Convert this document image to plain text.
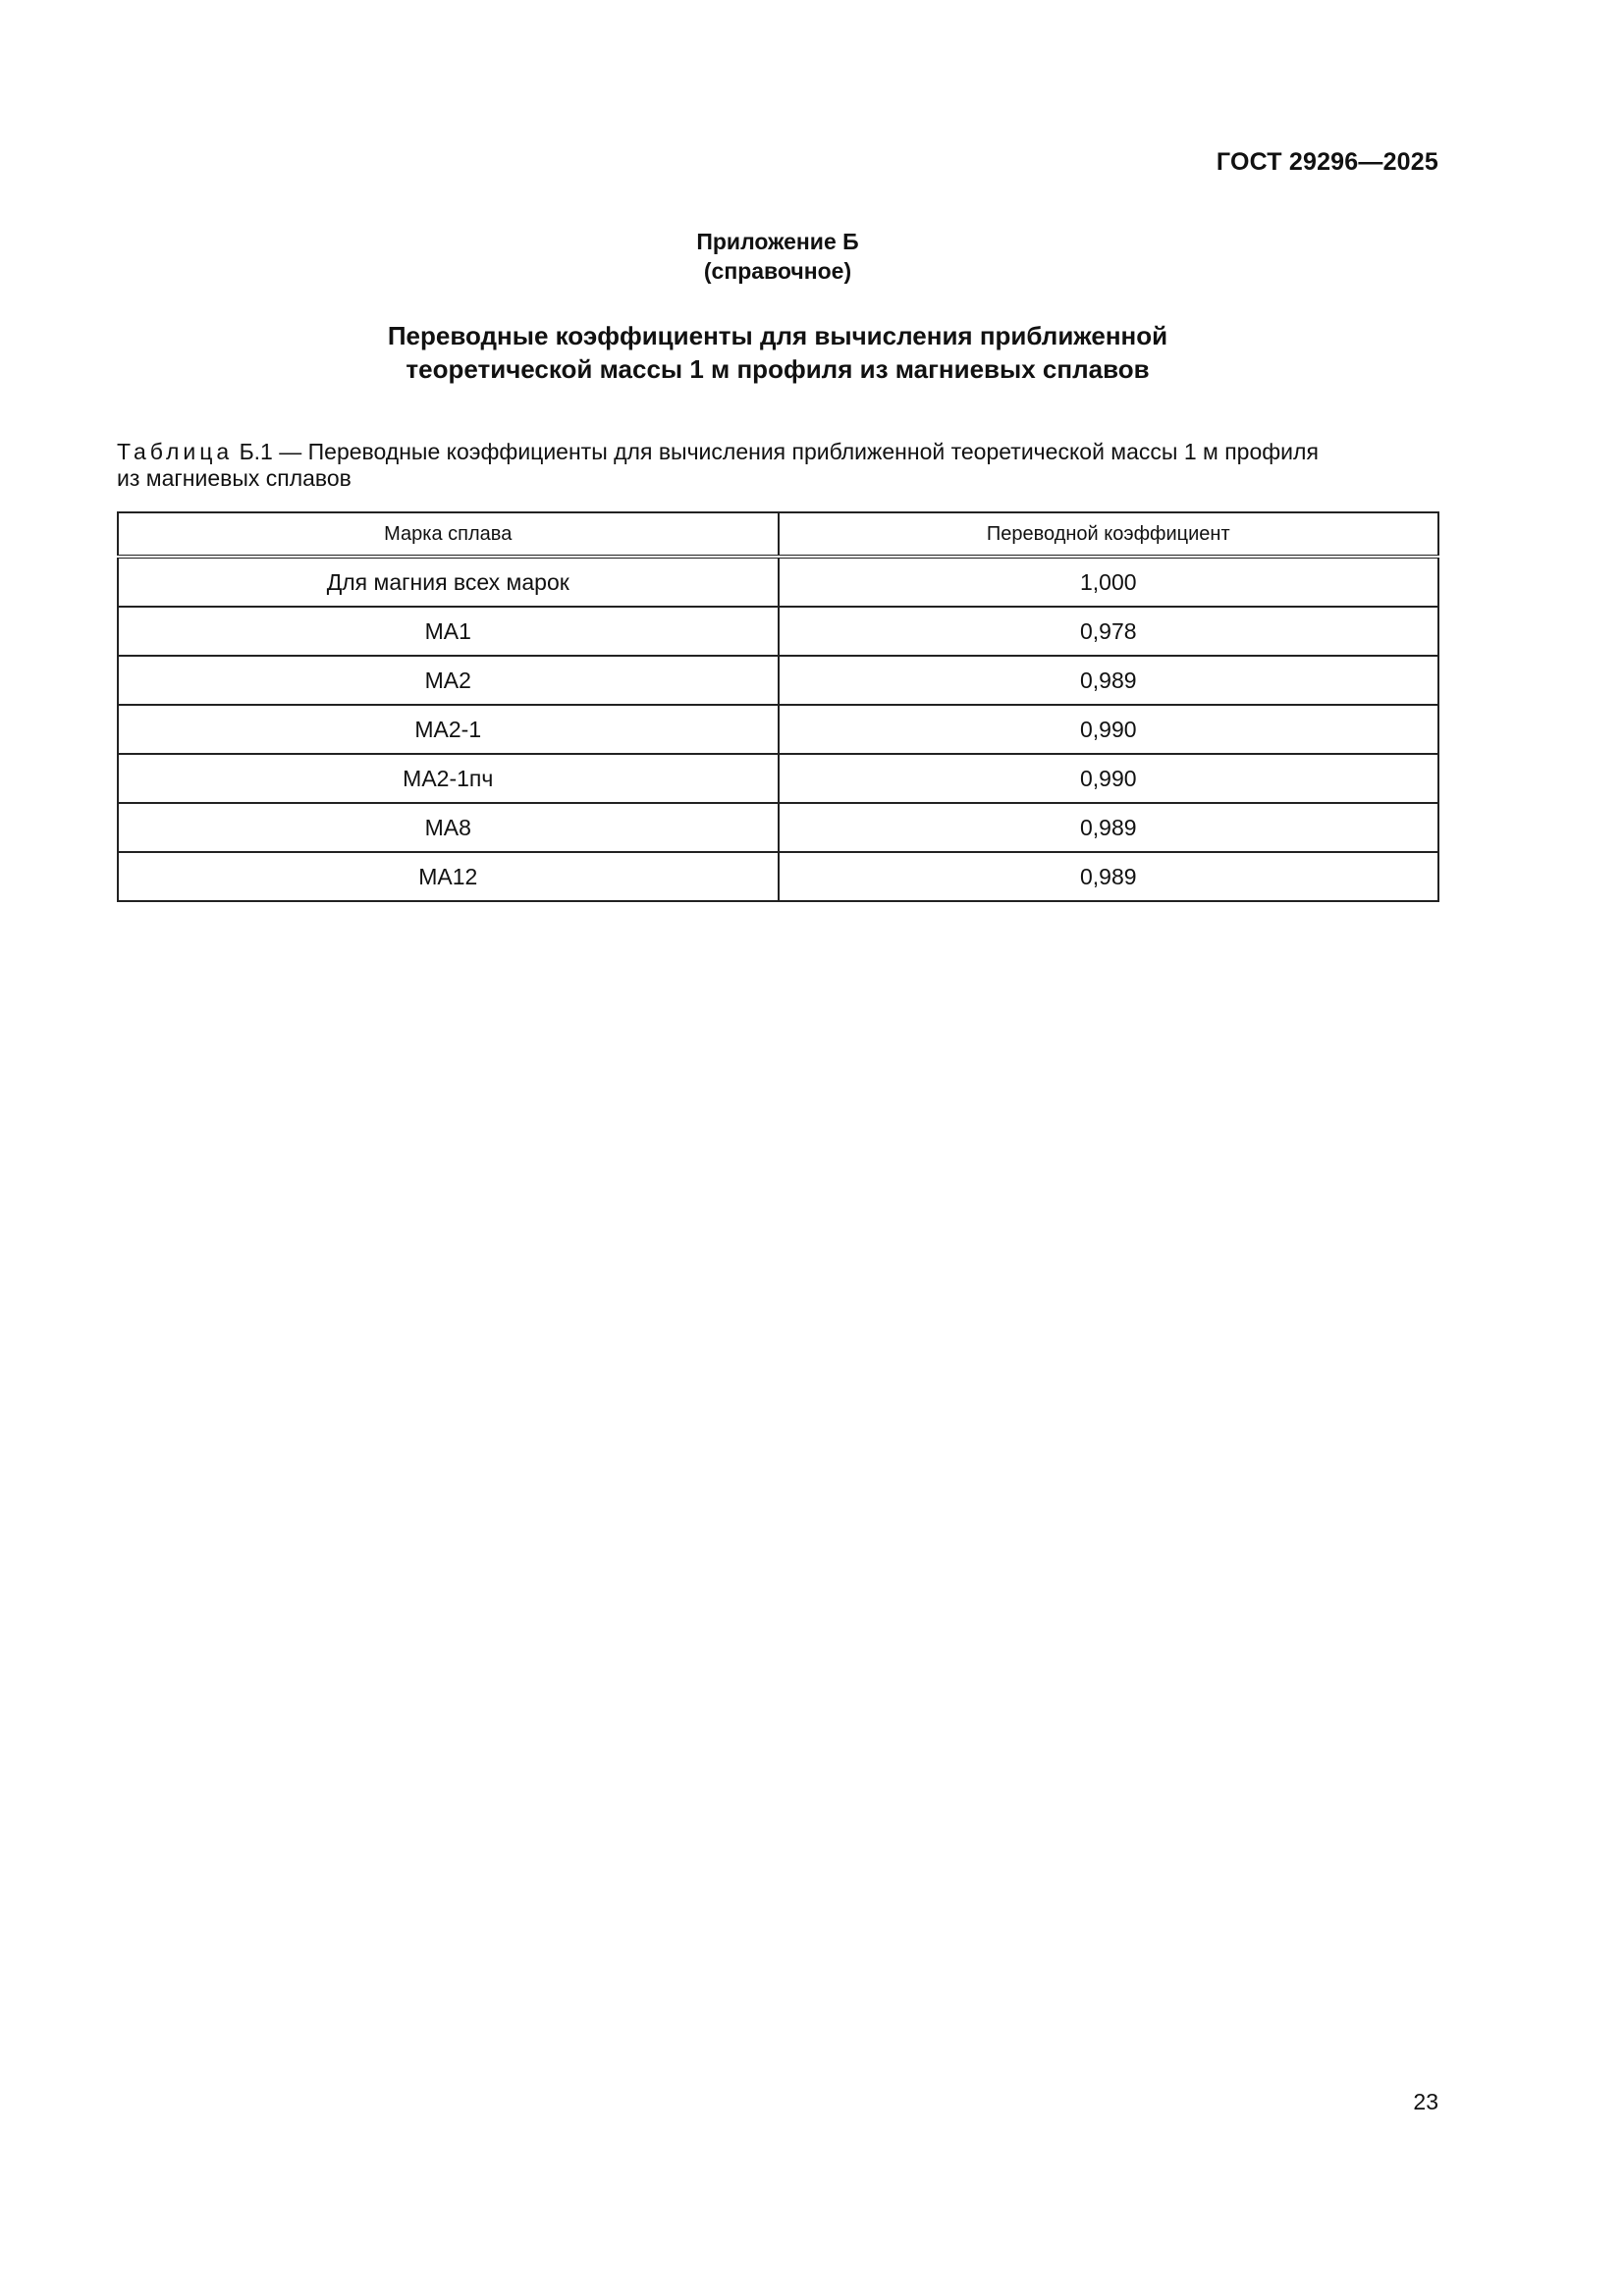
ГОСТ 29296—2025
Приложение Б
(справочное)
Переводные коэффициенты для вычисления приближенной
теоретической массы 1 м профиля из магниевых сплавов
Таблица Б.1 — Переводные коэффициенты для вычисления приближенной теоретической массы 1 м профиля
из магниевых сплавов
Марка сплава	Переводной коэффициент
Для магния всех марок	1,000
МА1	0,978
МА2	0,989
МА2-1	0,990
МА2-1пч	0,990
МА8	0,989
МА12	0,989
23
